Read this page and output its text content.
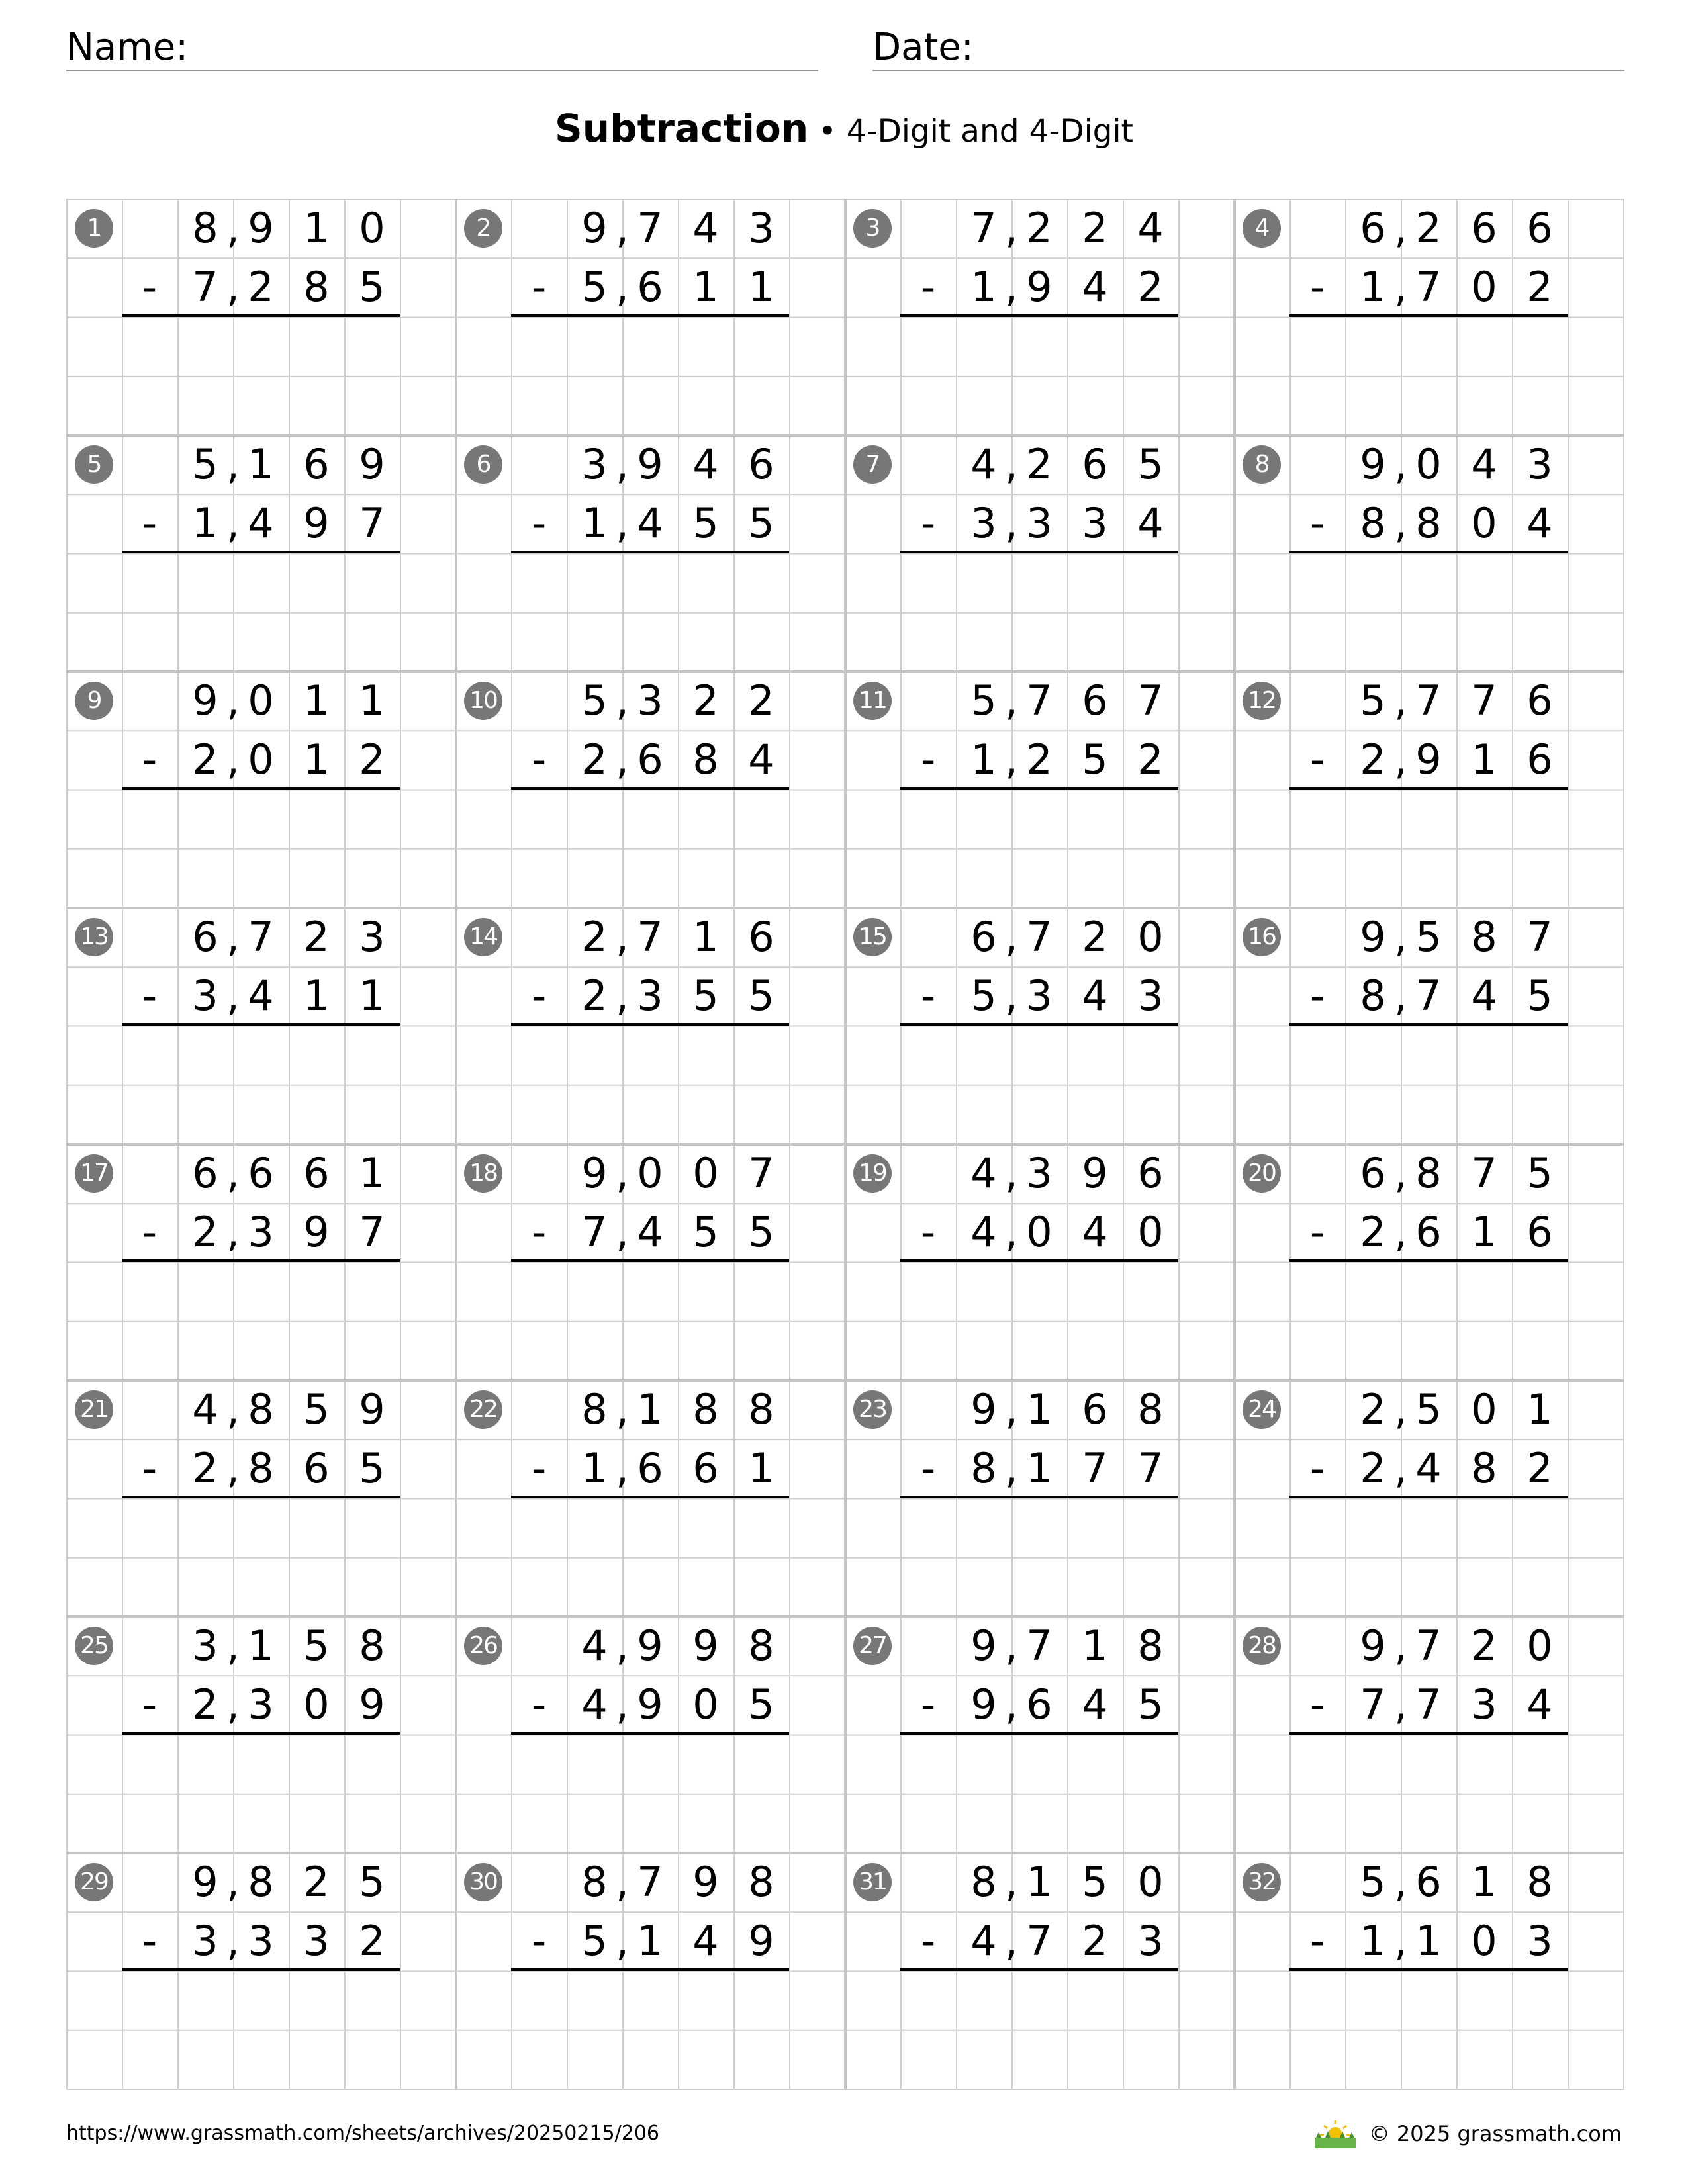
Name:	Date:
Subtraction • 4-Digit and 4-Digit
1	8 9 1 0
,
7 2 8 5
,
-
2	9 7 4 3
,
5 6 1 1
,
-
3	7 2 2 4
,
1 9 4 2
,
-
4	6 2 6 6
,
1 7 0 2
,
-
5	5 1 6 9
,
1 4 9 7
,
-
6	3 9 4 6
,
1 4 5 5
,
-
7	4 2 6 5
,
3 3 3 4
,
-
8	9 0 4 3
,
8 8 0 4
,
-
9	9 0 1 1
,
2 0 1 2
,
-
10	5 3 2 2
,
2 6 8 4
,
-
11	5 7 6 7
,
1 2 5 2
,
-
12	5 7 7 6
,
2 9 1 6
,
-
13	6 7 2 3
,
3 4 1 1
,
-
14	2 7 1 6
,
2 3 5 5
,
-
15	6 7 2 0
,
5 3 4 3
,
-
16	9 5 8 7
,
8 7 4 5
,
-
17	6 6 6 1
,
2 3 9 7
,
-
18	9 0 0 7
,
7 4 5 5
,
-
19	4 3 9 6
,
4 0 4 0
,
-
20	6 8 7 5
,
2 6 1 6
,
-
21	4 8 5 9
,
2 8 6 5
,
-
22	8 1 8 8
,
1 6 6 1
,
-
23	9 1 6 8
,
8 1 7 7
,
-
24	2 5 0 1
,
2 4 8 2
,
-
25	3 1 5 8
,
2 3 0 9
,
-
26	4 9 9 8
,
4 9 0 5
,
-
27	9 7 1 8
,
9 6 4 5
,
-
28	9 7 2 0
,
7 7 3 4
,
-
29	9 8 2 5
,
3 3 3 2
,
-
30	8 7 9 8
,
5 1 4 9
,
-
31	8 1 5 0
,
4 7 2 3
,
-
32	5 6 1 8
,
1 1 0 3
,
-
https://www.grassmath.com/sheets/archives/20250215/206	© 2025 grassmath.com
